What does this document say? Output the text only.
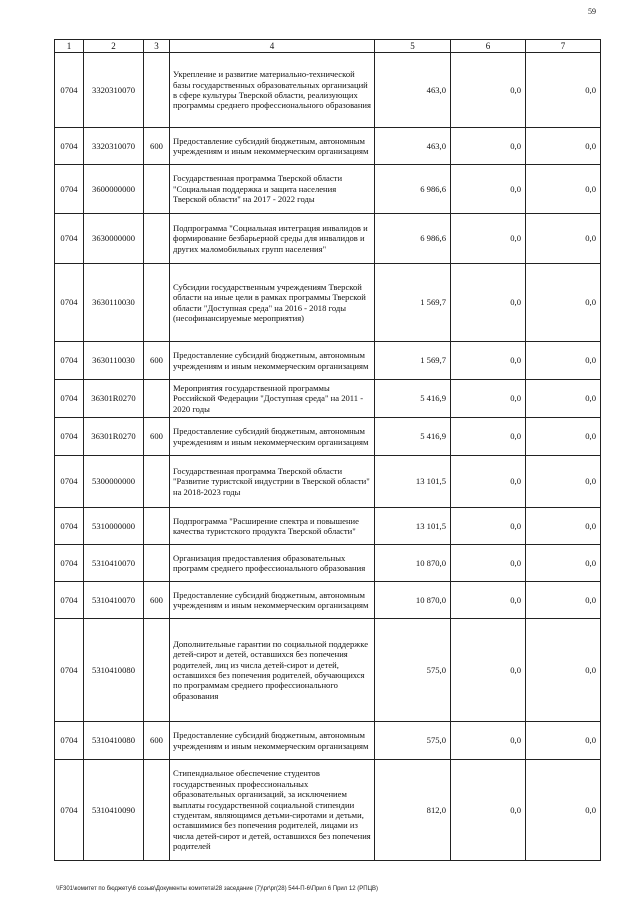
59
1	2	3	4	5	6	7
0704	3320310070		Укрепление и развитие материально-технической базы государственных образовательных организаций в сфере культуры Тверской области, реализующих программы среднего профессионального образования	463,0	0,0	0,0
0704	3320310070	600	Предоставление субсидий бюджетным, автономным учреждениям и иным некоммерческим организациям	463,0	0,0	0,0
0704	3600000000		Государственная программа Тверской области "Социальная поддержка и защита населения Тверской области" на 2017 - 2022 годы	6 986,6	0,0	0,0
0704	3630000000		Подпрограмма "Социальная интеграция инвалидов и формирование безбарьерной среды для инвалидов и других маломобильных групп населения"	6 986,6	0,0	0,0
0704	3630110030		Субсидии государственным учреждениям Тверской области на иные цели в рамках программы Тверской области "Доступная среда" на 2016 - 2018 годы (несофинансируемые мероприятия)	1 569,7	0,0	0,0
0704	3630110030	600	Предоставление субсидий бюджетным, автономным учреждениям и иным некоммерческим организациям	1 569,7	0,0	0,0
0704	36301R0270		Мероприятия государственной программы Российской Федерации "Доступная среда" на 2011 - 2020 годы	5 416,9	0,0	0,0
0704	36301R0270	600	Предоставление субсидий бюджетным, автономным учреждениям и иным некоммерческим организациям	5 416,9	0,0	0,0
0704	5300000000		Государственная программа Тверской области "Развитие туристской индустрии в Тверской области" на 2018-2023 годы	13 101,5	0,0	0,0
0704	5310000000		Подпрограмма "Расширение спектра и повышение качества туристского продукта Тверской области"	13 101,5	0,0	0,0
0704	5310410070		Организация предоставления образовательных программ среднего профессионального образования	10 870,0	0,0	0,0
0704	5310410070	600	Предоставление субсидий бюджетным, автономным учреждениям и иным некоммерческим организациям	10 870,0	0,0	0,0
0704	5310410080		Дополнительные гарантии по социальной поддержке детей-сирот и детей, оставшихся без попечения родителей, лиц из числа детей-сирот и детей, оставшихся без попечения родителей, обучающихся по программам среднего профессионального образования	575,0	0,0	0,0
0704	5310410080	600	Предоставление субсидий бюджетным, автономным учреждениям и иным некоммерческим организациям	575,0	0,0	0,0
0704	5310410090		Стипендиальное обеспечение студентов государственных профессиональных образовательных организаций, за исключением выплаты государственной социальной стипендии студентам, являющимся детьми-сиротами и детьми, оставшимися без попечения родителей, лицами из числа детей-сирот и детей, оставшихся без попечения родителей	812,0	0,0	0,0
\\F301\комитет по бюджету\6 созыв\Документы комитета\28 заседание (7)\pr\pr(28) 544-П-6\Прил 6 Прил 12 (РПЦВ)
